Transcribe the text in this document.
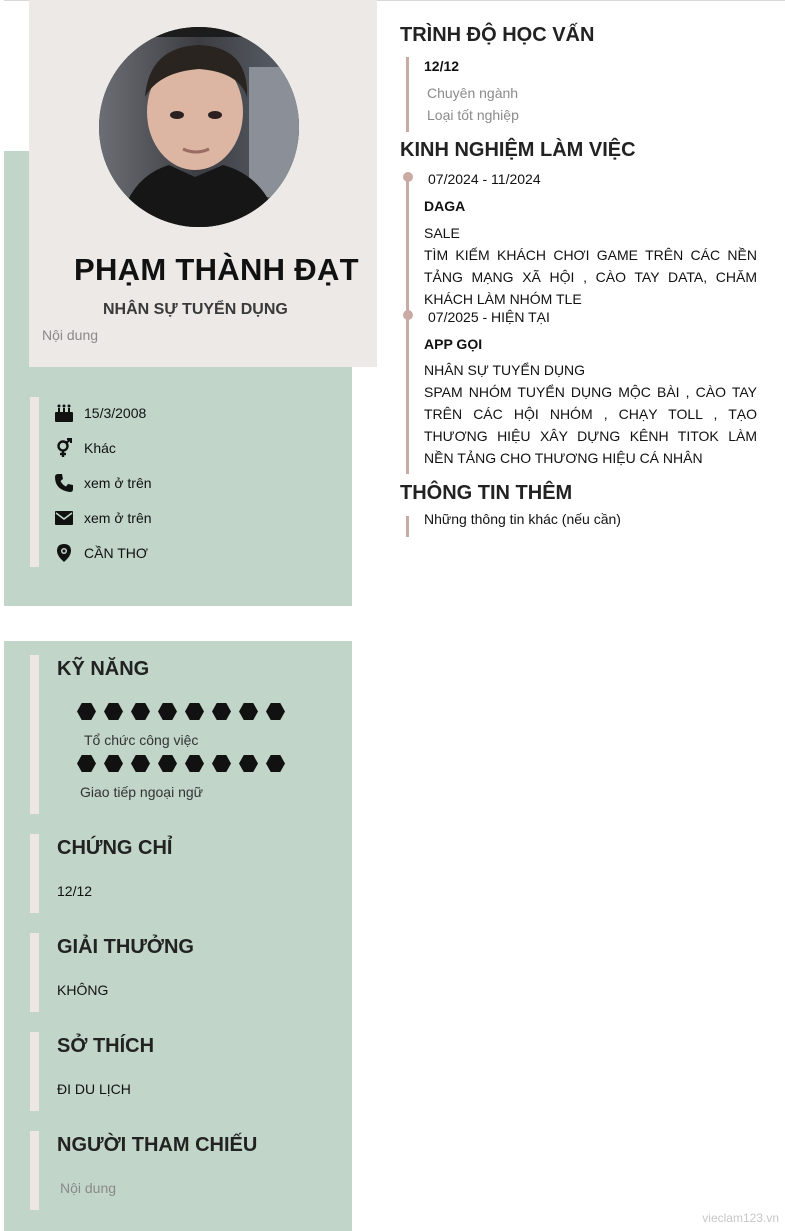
PHẠM THÀNH ĐẠT
NHÂN SỰ TUYỂN DỤNG
Nội dung
15/3/2008
Khác
xem ở trên
xem ở trên
CẦN THƠ
KỸ NĂNG
Tổ chức công việc
Giao tiếp ngoại ngữ
CHỨNG CHỈ
12/12
GIẢI THƯỞNG
KHÔNG
SỞ THÍCH
ĐI DU LỊCH
NGƯỜI THAM CHIẾU
Nội dung
TRÌNH ĐỘ HỌC VẤN
12/12
Chuyên ngành
Loại tốt nghiệp
KINH NGHIỆM LÀM VIỆC
07/2024 - 11/2024
DAGA
SALE
TÌM KIẾM KHÁCH CHƠI GAME TRÊN CÁC NỀN TẢNG MẠNG XÃ HỘI , CÀO TAY DATA, CHĂM KHÁCH LÀM NHÓM TLE
07/2025 - HIỆN TẠI
APP GỌI
NHÂN SỰ TUYỂN DỤNG
SPAM NHÓM TUYỂN DỤNG MỘC BÀI , CÀO TAY TRÊN CÁC HỘI NHÓM , CHẠY TOLL , TẠO THƯƠNG HIỆU XÂY DỰNG KÊNH TITOK LÀM NỀN TẢNG CHO THƯƠNG HIỆU CÁ NHÂN
THÔNG TIN THÊM
Những thông tin khác (nếu cần)
vieclam123.vn
